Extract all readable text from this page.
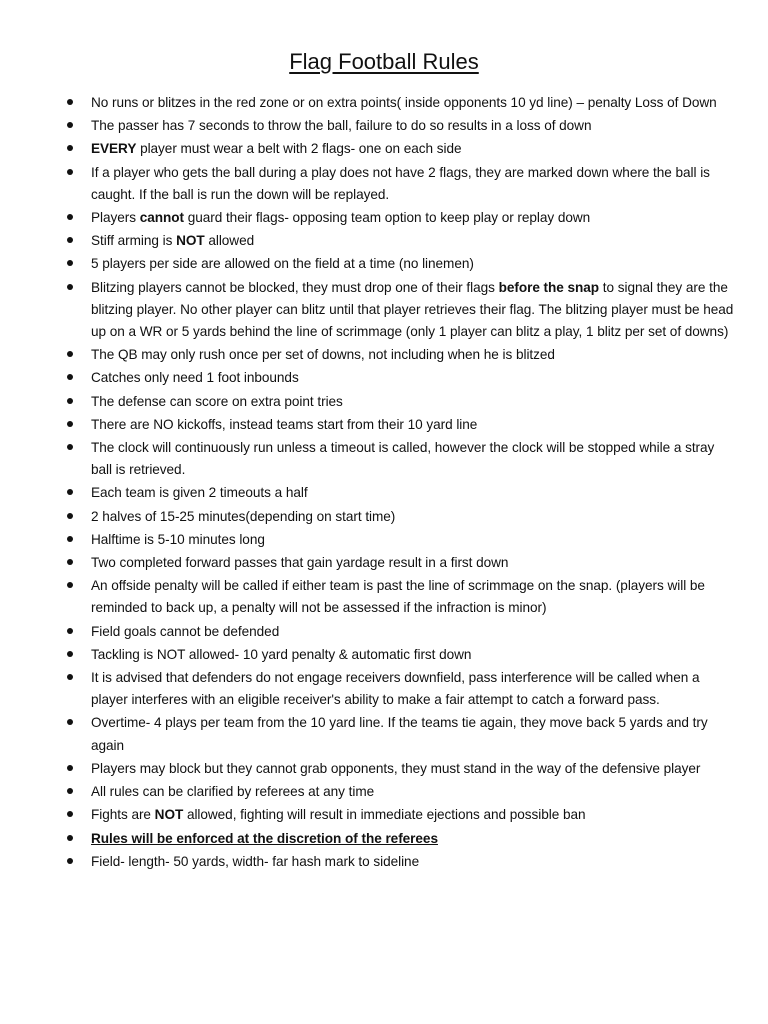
Flag Football Rules
No runs or blitzes in the red zone or on extra points( inside opponents 10 yd line) – penalty Loss of Down
The passer has 7 seconds to throw the ball, failure to do so results in a loss of down
EVERY player must wear a belt with 2 flags- one on each side
If a player who gets the ball during a play does not have 2 flags, they are marked down where the ball is caught. If the ball is run the down will be replayed.
Players cannot guard their flags- opposing team option to keep play or replay down
Stiff arming is NOT allowed
5 players per side are allowed on the field at a time (no linemen)
Blitzing players cannot be blocked, they must drop one of their flags before the snap to signal they are the blitzing player. No other player can blitz until that player retrieves their flag. The blitzing player must be head up on a WR or 5 yards behind the line of scrimmage (only 1 player can blitz a play, 1 blitz per set of downs)
The QB may only rush once per set of downs, not including when he is blitzed
Catches only need 1 foot inbounds
The defense can score on extra point tries
There are NO kickoffs, instead teams start from their 10 yard line
The clock will continuously run unless a timeout is called, however the clock will be stopped while a stray ball is retrieved.
Each team is given 2 timeouts a half
2 halves of 15-25 minutes(depending on start time)
Halftime is 5-10 minutes long
Two completed forward passes that gain yardage result in a first down
An offside penalty will be called if either team is past the line of scrimmage on the snap. (players will be reminded to back up, a penalty will not be assessed if the infraction is minor)
Field goals cannot be defended
Tackling is NOT allowed- 10 yard penalty & automatic first down
It is advised that defenders do not engage receivers downfield, pass interference will be called when a player interferes with an eligible receiver's ability to make a fair attempt to catch a forward pass.
Overtime- 4 plays per team from the 10 yard line. If the teams tie again, they move back 5 yards and try again
Players may block but they cannot grab opponents, they must stand in the way of the defensive player
All rules can be clarified by referees at any time
Fights are NOT allowed, fighting will result in immediate ejections and possible ban
Rules will be enforced at the discretion of the referees
Field- length- 50 yards, width- far hash mark to sideline
